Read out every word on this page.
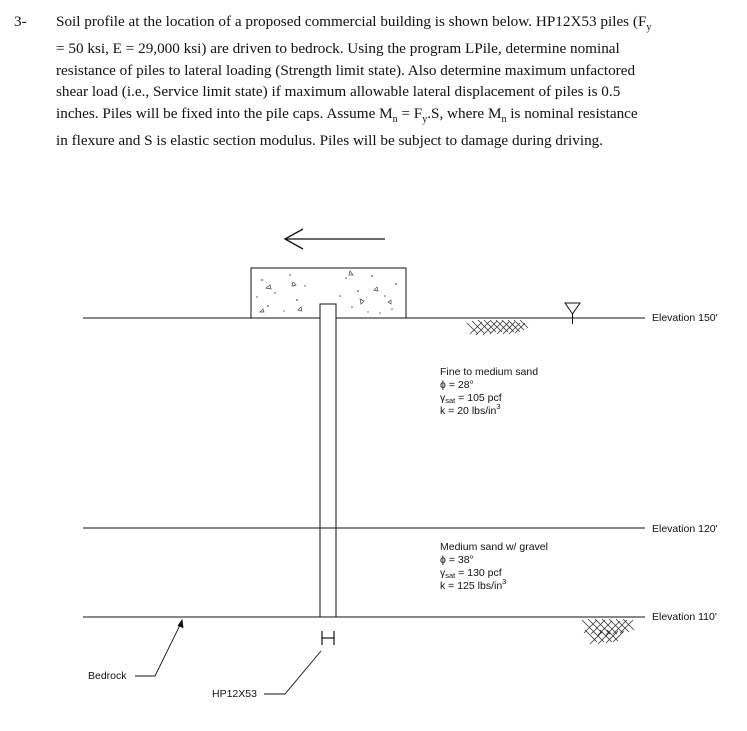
3- Soil profile at the location of a proposed commercial building is shown below. HP12X53 piles ($F_y$
= 50 ksi, E = 29,000 ksi) are driven to bedrock. Using the program LPile, determine nominal
resistance of piles to lateral loading (Strength limit state). Also determine maximum unfactored
shear load (i.e., Service limit state) if maximum allowable lateral displacement of piles is 0.5
inches. Piles will be fixed into the pile caps. Assume $M_n = F_y.S$, where $M_n$ is nominal resistance
in flexure and S is elastic section modulus. Piles will be subject to damage during driving.
Fine to medium sand
ϕ = 28°
γsat = 105 pcf
k = 20 lbs/$in^3$
Medium sand w/ gravel
ϕ = 38°
γsat = 130 pcf
k = 125 lbs/$in^3$
Elevation 150'
Elevation 120'
Elevation 110'
Bedrock
HP12X53
